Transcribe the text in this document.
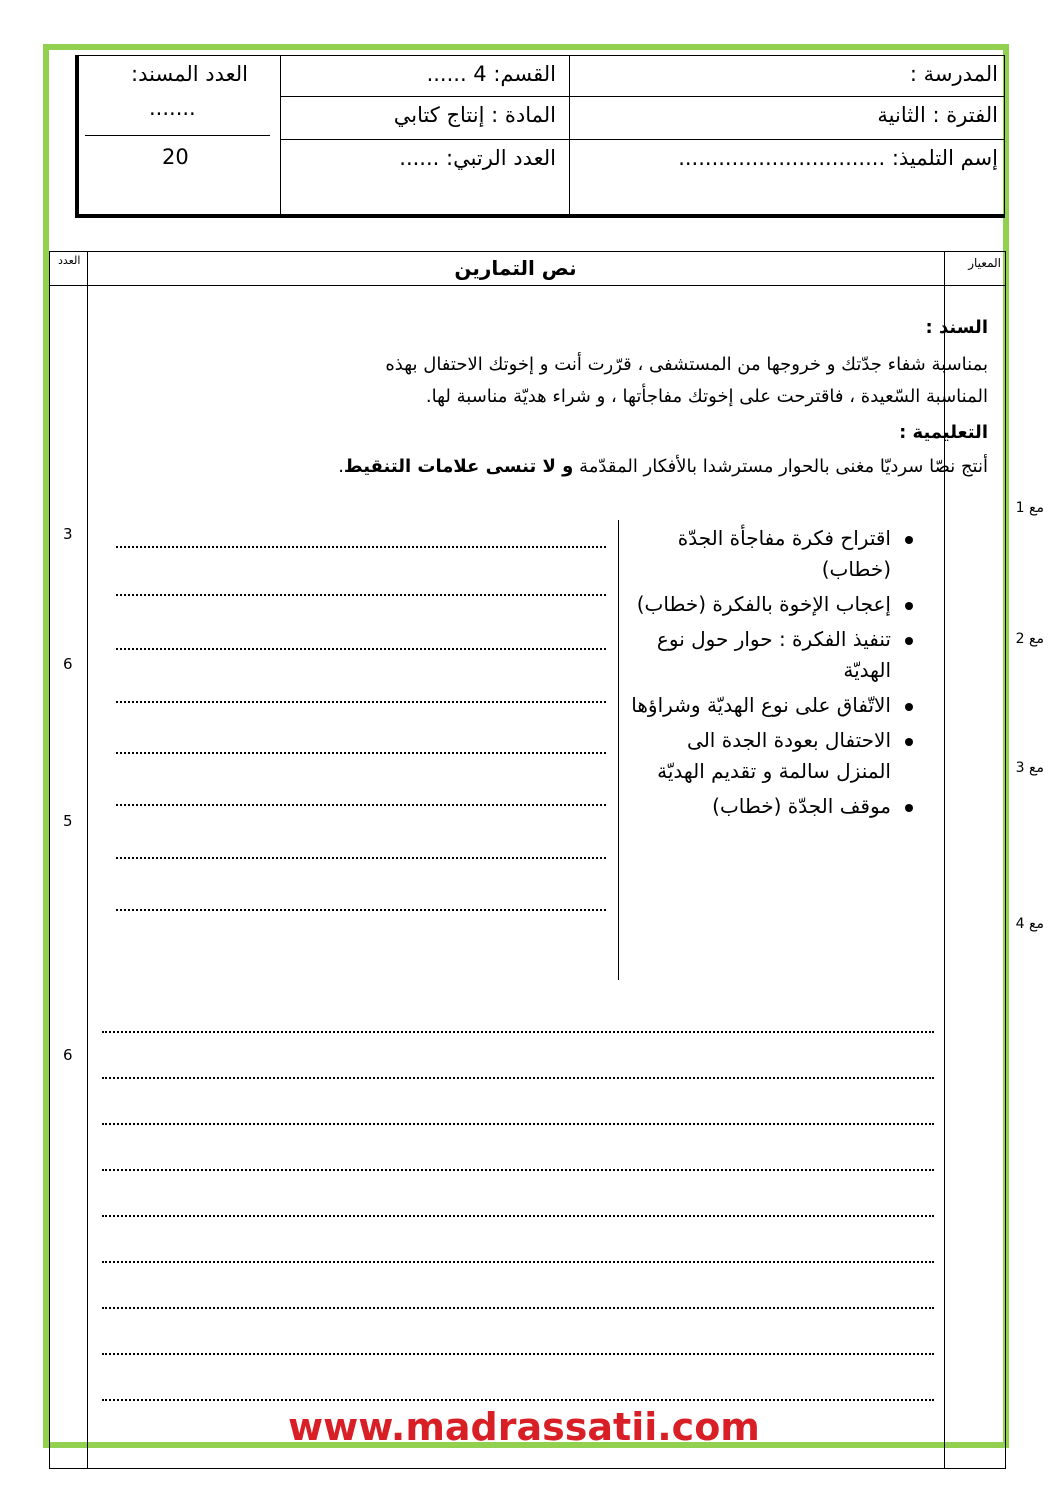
المدرسة :
الفترة : الثانية
إسم التلميذ: ...............................
القسم: 4 ......
المادة : إنتاج كتابي
العدد الرتبي: ......
العدد المسند:
.......
20
العدد	نص التمارين	المعيار
السند :
بمناسبة شفاء جدّتك و خروجها من المستشفى ، قرّرت أنت و إخوتك الاحتفال بهذه
المناسبة السّعيدة ، فاقترحت على إخوتك مفاجأتها ، و شراء هديّة مناسبة لها.
التعليمية :
أنتج نصّا سرديّا مغنى بالحوار مسترشدا بالأفكار المقدّمة و لا تنسى علامات التنقيط.
اقتراح فكرة مفاجأة الجدّة (خطاب)
إعجاب الإخوة بالفكرة (خطاب)
تنفيذ الفكرة : حوار حول نوع الهديّة
الاتّفاق على نوع الهديّة وشراؤها
الاحتفال بعودة الجدة الى المنزل سالمة و تقديم الهديّة
موقف الجدّة (خطاب)
مع 1
مع 2
مع 3
مع 4
3
6
5
6
www.madrassatii.com
